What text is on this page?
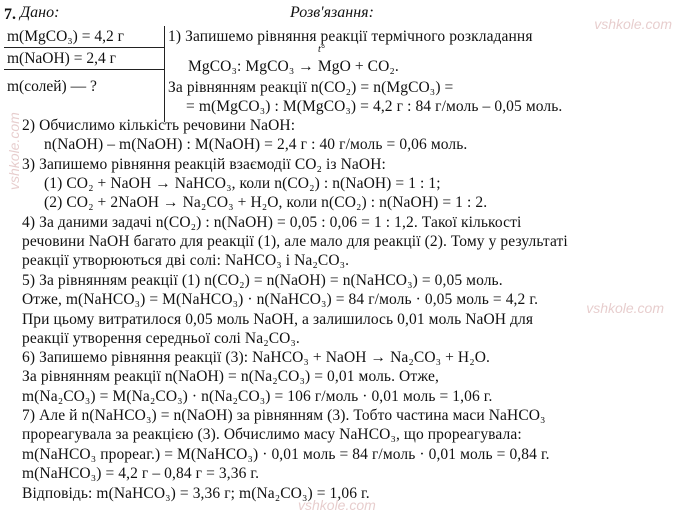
7. Дано:	Розв'язання:
m(MgCO₃) = 4,2 г
m(NaOH) = 2,4 г
m(солей) — ?
t°
1) Запишемо рівняння реакції термічного розкладання
MgCO₃: MgCO₃ → MgO + CO₂.
За рівнянням реакції n(CO₂) = n(MgCO₃) =
= m(MgCO₃) : M(MgCO₃) = 4,2 г : 84 г/моль – 0,05 моль.
2) Обчислимо кількість речовини NaOH:
n(NaOH) – m(NaOH) : M(NaOH) = 2,4 г : 40 г/моль = 0,06 моль.
3) Запишемо рівняння реакцій взаємодії CO₂ із NaOH:
(1) CO₂ + NaOH → NaHCO₃, коли n(CO₂) : n(NaOH) = 1 : 1;
(2) CO₂ + 2NaOH → Na₂CO₃ + H₂O, коли n(CO₂) : n(NaOH) = 1 : 2.
4) За даними задачі n(CO₂) : n(NaOH) = 0,05 : 0,06 = 1 : 1,2. Такої кількості
речовини NaOH багато для реакції (1), але мало для реакції (2). Тому у результаті
реакції утворюються дві солі: NaHCO₃ і Na₂CO₃.
5) За рівнянням реакції (1) n(CO₂) = n(NaOH) = n(NaHCO₃) = 0,05 моль.
Отже, m(NaHCO₃) = M(NaHCO₃) · n(NaHCO₃) = 84 г/моль · 0,05 моль = 4,2 г.
При цьому витратилося 0,05 моль NaOH, а залишилось 0,01 моль NaOH для
реакції утворення середньої солі Na₂CO₃.
6) Запишемо рівняння реакції (3): NaHCO₃ + NaOH → Na₂CO₃ + H₂O.
За рівнянням реакції n(NaOH) = n(Na₂CO₃) = 0,01 моль. Отже,
m(Na₂CO₃) = M(Na₂CO₃) · n(Na₂CO₃) = 106 г/моль · 0,01 моль = 1,06 г.
7) Але й n(NaHCO₃) = n(NaOH) за рівнянням (3). Тобто частина маси NaHCO₃
прореагувала за реакцією (3). Обчислимо масу NaHCO₃, що прореагувала:
m(NaHCO₃ прореаг.) = M(NaHCO₃) · 0,01 моль = 84 г/моль · 0,01 моль = 0,84 г.
m(NaHCO₃) = 4,2 г – 0,84 г = 3,36 г.
Відповідь: m(NaHCO₃) = 3,36 г; m(Na₂CO₃) = 1,06 г.
vshkole.com
vshkole.com
vshkole.com
vshkole.com
